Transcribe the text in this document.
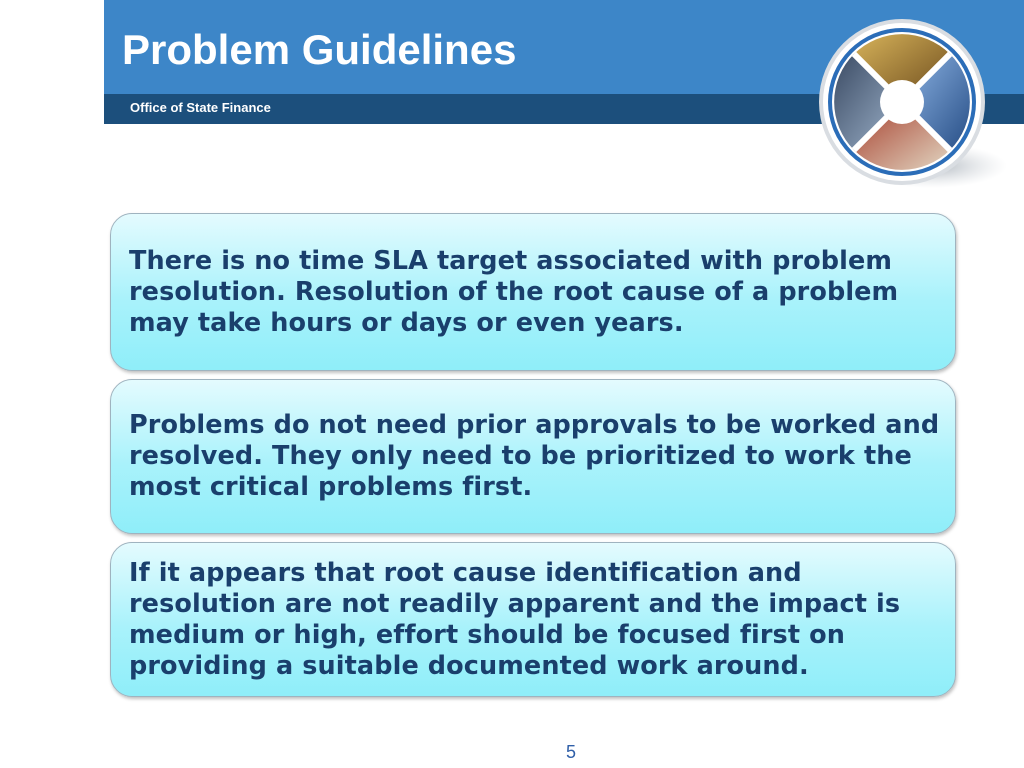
Problem Guidelines
Office of State Finance

There is no time SLA target associated with problem resolution. Resolution of the root cause of a problem may take hours or days or even years.

Problems do not need prior approvals to be worked and resolved. They only need to be prioritized to work the most critical problems first.

If it appears that root cause identification and resolution are not readily apparent and the impact is medium or high, effort should be focused first on providing a suitable documented work around.

5
